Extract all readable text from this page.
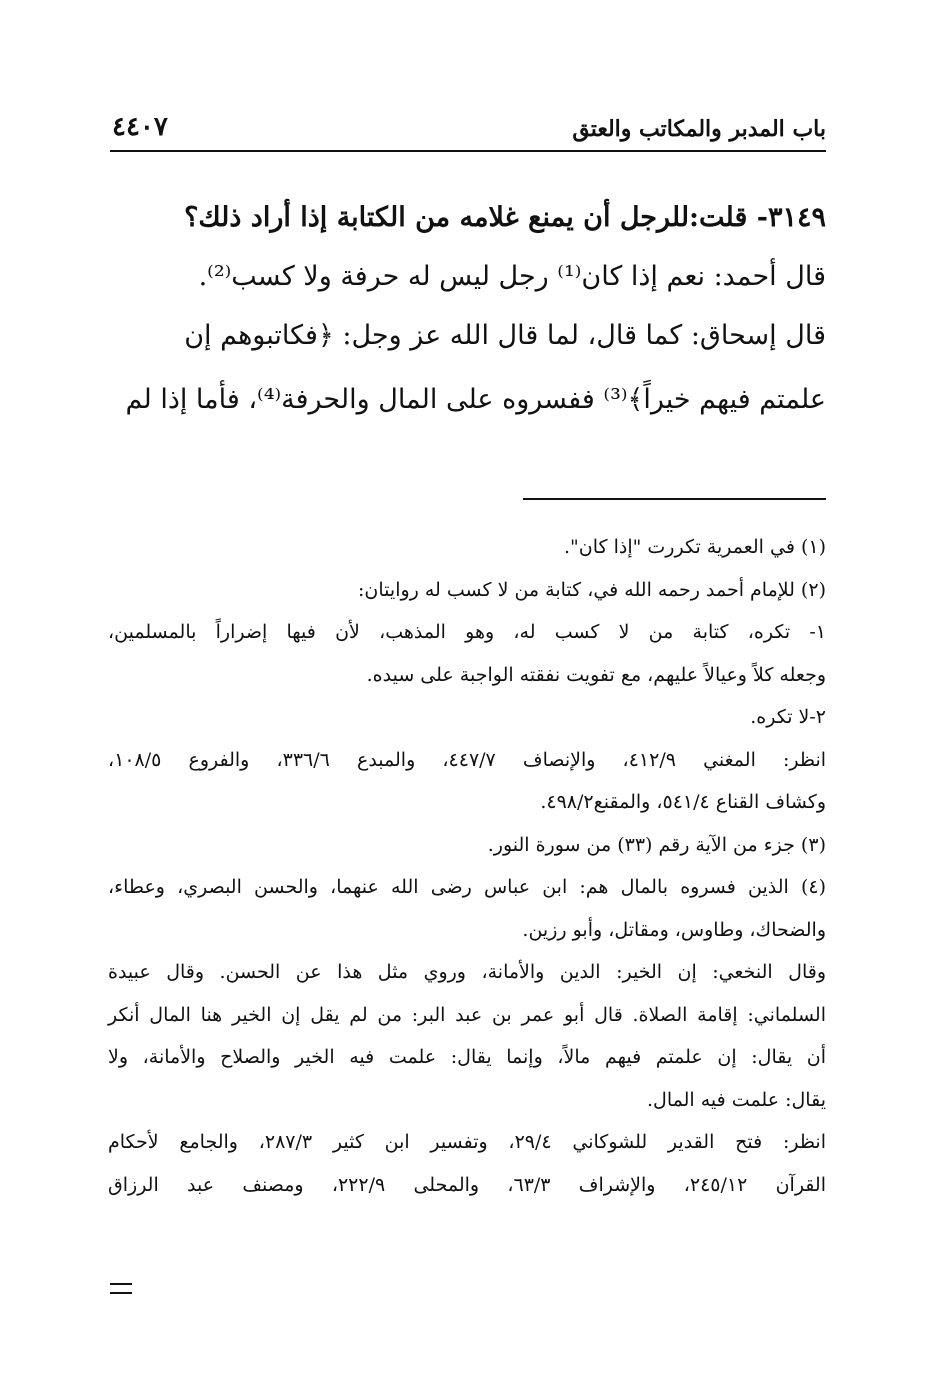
باب المدبر والمكاتب والعتق
٤٤٠٧
٣١٤٩- قلت:للرجل أن يمنع غلامه من الكتابة إذا أراد ذلك؟
قال أحمد: نعم إذا كان⁽¹⁾ رجل ليس له حرفة ولا كسب⁽²⁾.
قال إسحاق: كما قال، لما قال الله عز وجل: ﴿فكاتبوهم إن
علمتم فيهم خيراً﴾⁽³⁾ ففسروه على المال والحرفة⁽⁴⁾، فأما إذا لم
(١) في العمرية تكررت "إذا كان".
(٢) للإمام أحمد رحمه الله في، كتابة من لا كسب له روايتان:
١- تكره، كتابة من لا كسب له، وهو المذهب، لأن فيها إضراراً بالمسلمين،
وجعله كلاً وعيالاً عليهم، مع تفويت نفقته الواجبة على سيده.
٢-لا تكره.
انظر: المغني ٤١٢/٩، والإنصاف ٤٤٧/٧، والمبدع ٣٣٦/٦، والفروع ١٠٨/٥،
وكشاف القناع ٥٤١/٤، والمقنع٤٩٨/٢.
(٣) جزء من الآية رقم (٣٣) من سورة النور.
(٤) الذين فسروه بالمال هم: ابن عباس رضى الله عنهما، والحسن البصري، وعطاء،
والضحاك، وطاوس، ومقاتل، وأبو رزين.
وقال النخعي: إن الخير: الدين والأمانة، وروي مثل هذا عن الحسن. وقال عبيدة
السلماني: إقامة الصلاة. قال أبو عمر بن عبد البر: من لم يقل إن الخير هنا المال أنكر
أن يقال: إن علمتم فيهم مالاً، وإنما يقال: علمت فيه الخير والصلاح والأمانة، ولا
يقال: علمت فيه المال.
انظر: فتح القدير للشوكاني ٢٩/٤، وتفسير ابن كثير ٢٨٧/٣، والجامع لأحكام
القرآن ٢٤٥/١٢، والإشراف ٦٣/٣، والمحلى ٢٢٢/٩، ومصنف عبد الرزاق
